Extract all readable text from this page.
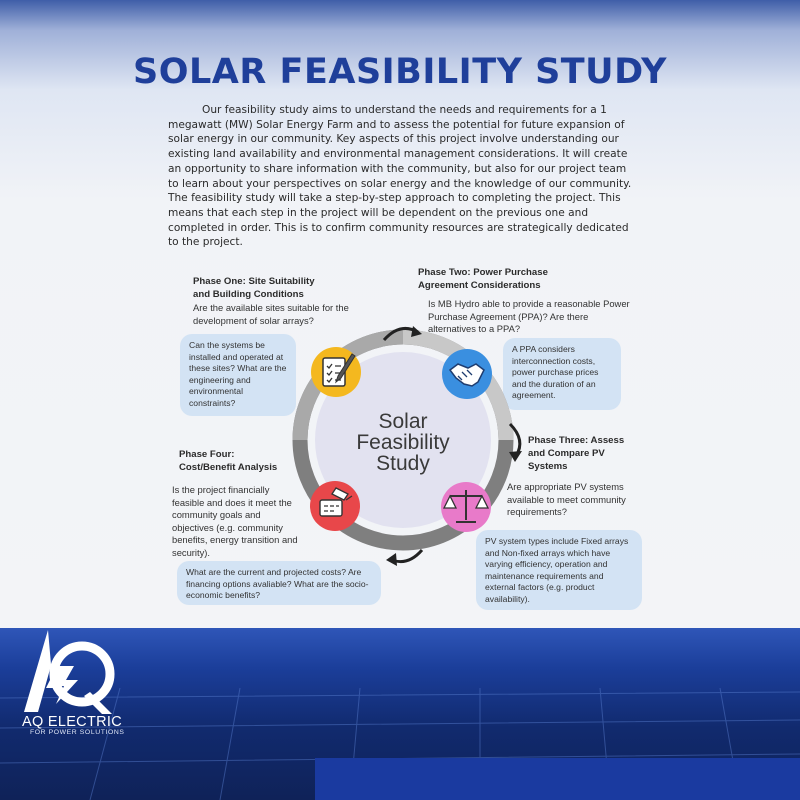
SOLAR FEASIBILITY STUDY

Our feasibility study aims to understand the needs and requirements for a 1 megawatt (MW) Solar Energy Farm and to assess the potential for future expansion of solar energy in our community. Key aspects of this project involve understanding our existing land availability and environmental management considerations. It will create an opportunity to share information with the community, but also for our project team to learn about your perspectives on solar energy and the knowledge of our community. The feasibility study will take a step-by-step approach to completing the project. This means that each step in the project will be dependent on the previous one and completed in order. This is to confirm community resources are strategically dedicated to the project.

Phase One: Site Suitability
and Building Conditions
Are the available sites suitable for the development of solar arrays?
Can the systems be installed and operated at these sites? What are the engineering and environmental constraints?
Phase Two: Power Purchase
Agreement Considerations
Is MB Hydro able to provide a reasonable Power Purchase Agreement (PPA)? Are there alternatives to a PPA?
A PPA considers interconnection costs, power purchase prices and the duration of an agreement.
Phase Three: Assess
and Compare PV
Systems
Are appropriate PV systems available to meet community requirements?
PV system types include Fixed arrays and Non-fixed arrays which have varying efficiency, operation and maintenance requirements and external factors (e.g. product availability).
Phase Four:
Cost/Benefit Analysis
Is the project financially feasible and does it meet the community goals and objectives (e.g. community benefits, energy transition and security).
What are the current and projected costs? Are financing options avaliable? What are the socio-economic benefits?
Solar
Feasibility
Study
AQ ELECTRIC
FOR POWER SOLUTIONS
